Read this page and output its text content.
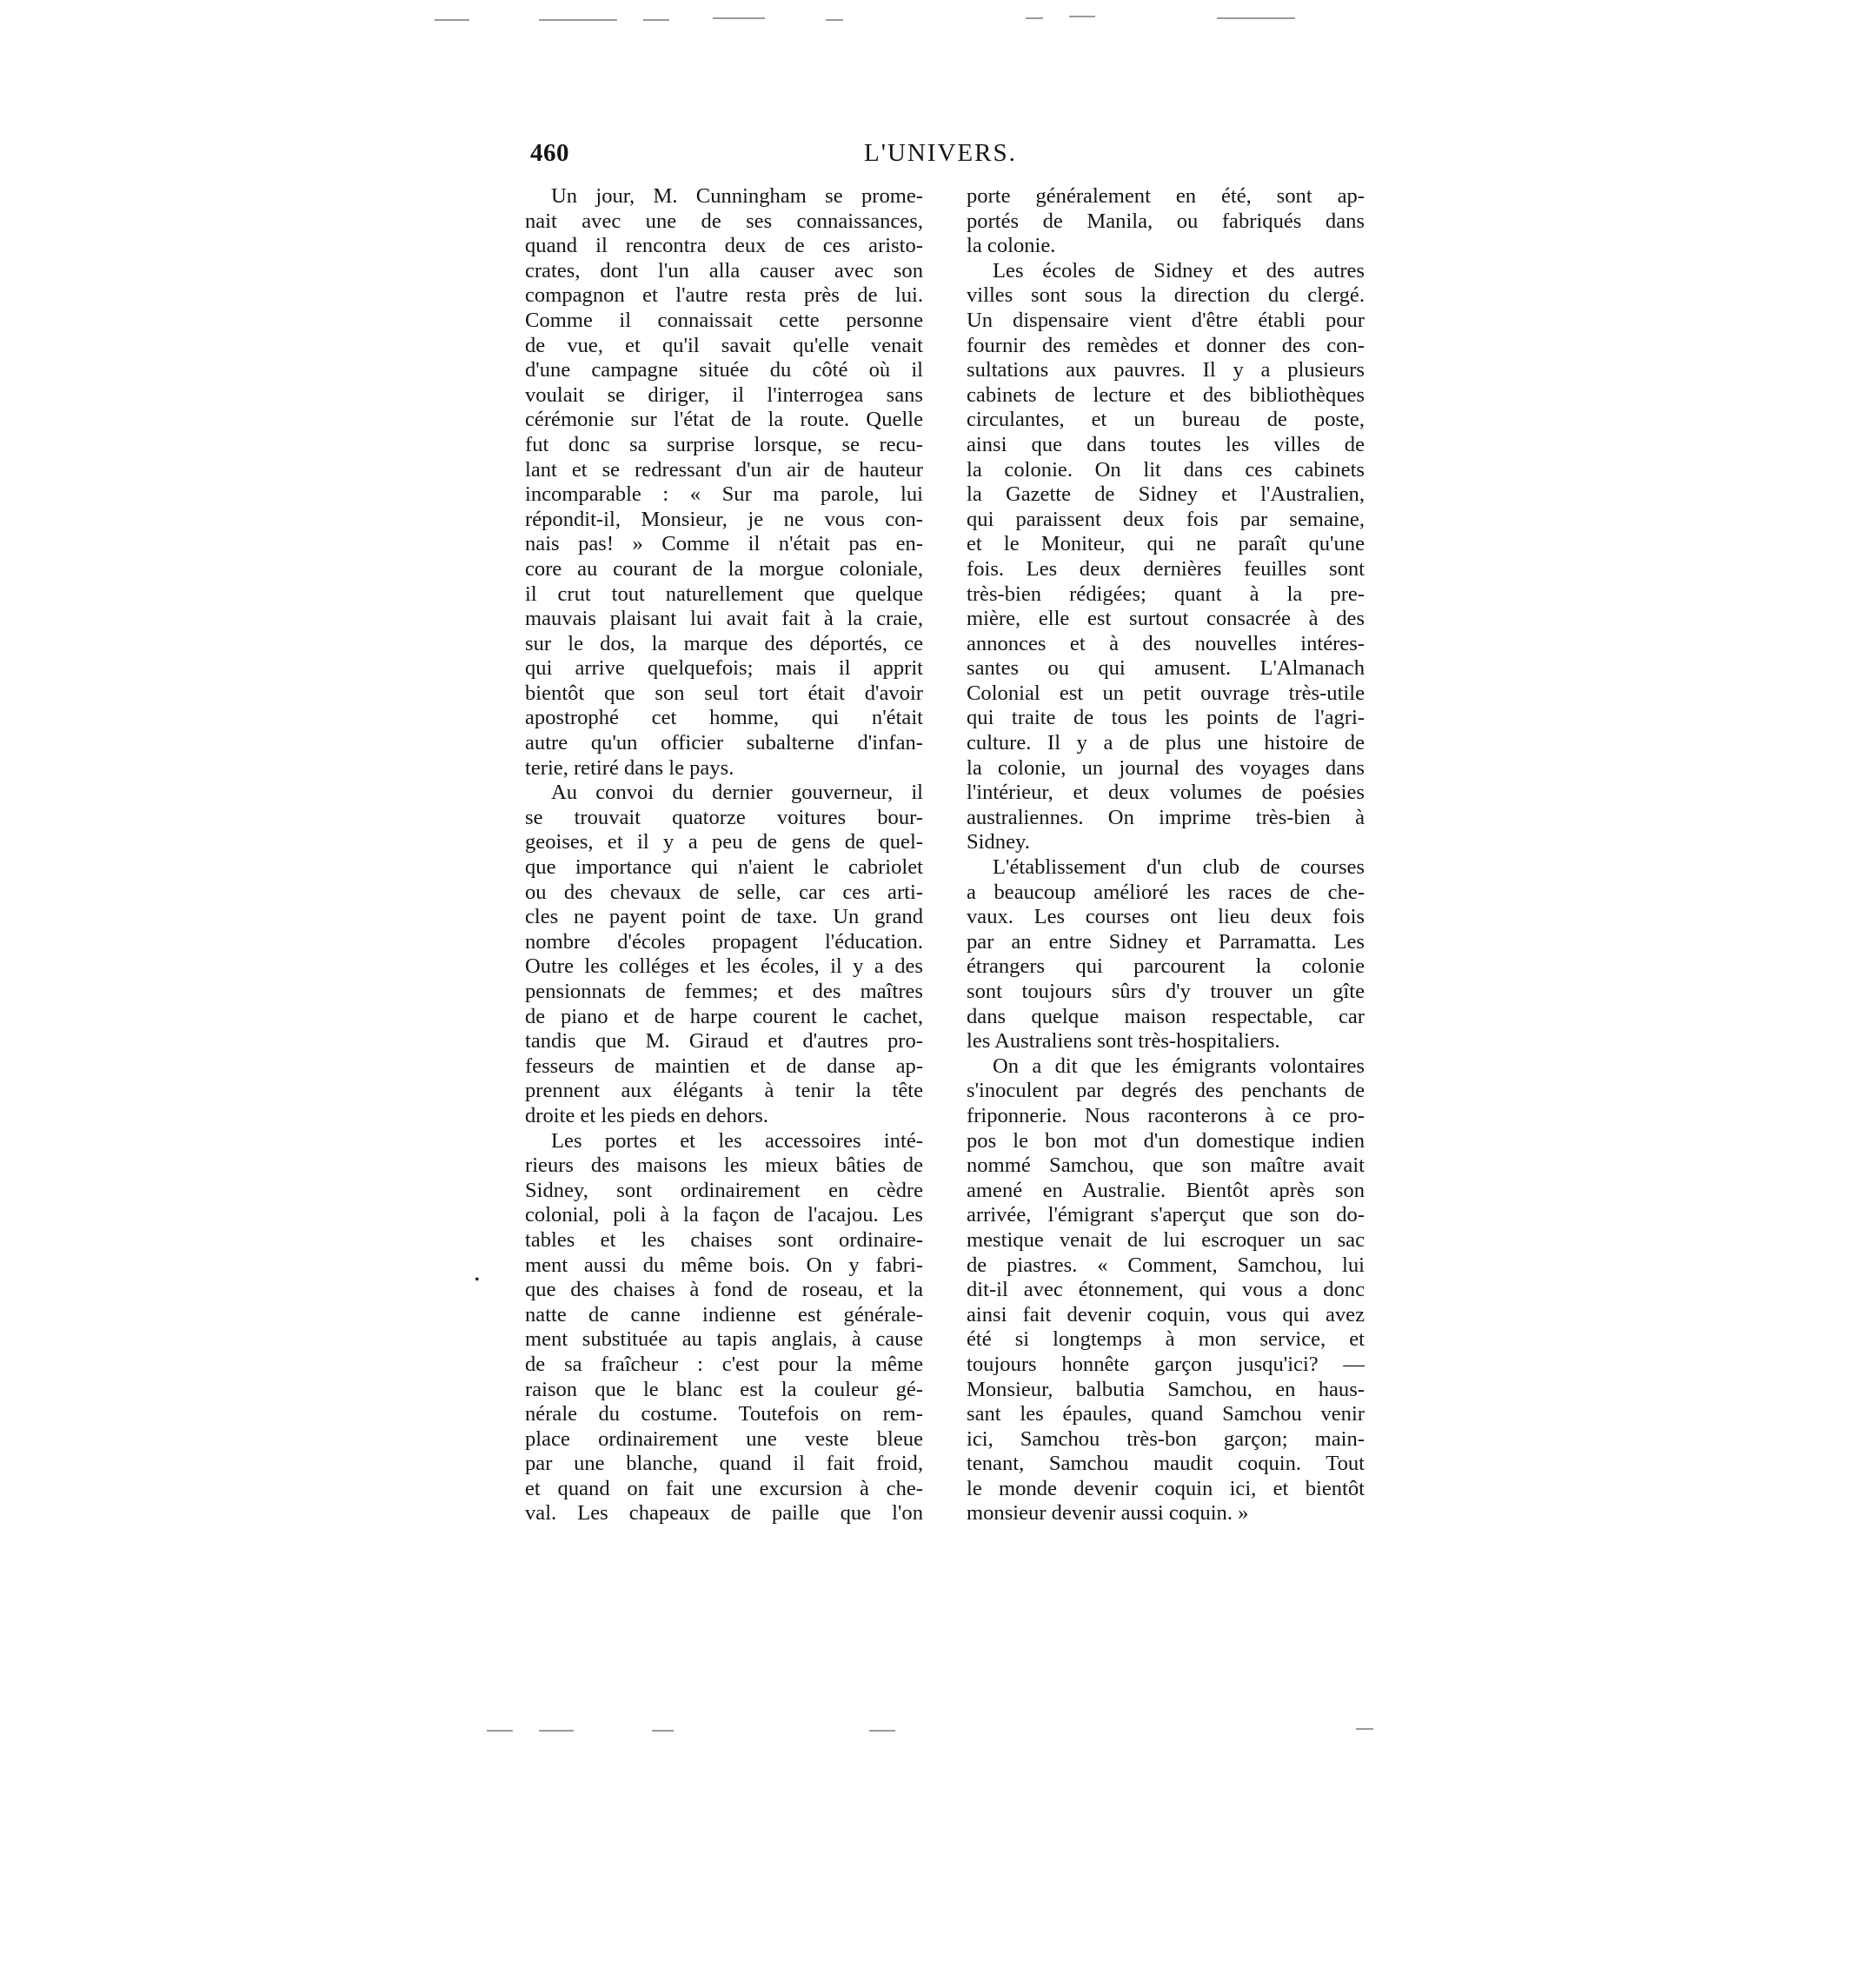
460	L'UNIVERS.
Un jour, M. Cunningham se prome-
nait avec une de ses connaissances,
quand il rencontra deux de ces aristo-
crates, dont l'un alla causer avec son
compagnon et l'autre resta près de lui.
Comme il connaissait cette personne
de vue, et qu'il savait qu'elle venait
d'une campagne située du côté où il
voulait se diriger, il l'interrogea sans
cérémonie sur l'état de la route. Quelle
fut donc sa surprise lorsque, se recu-
lant et se redressant d'un air de hauteur
incomparable : « Sur ma parole, lui
répondit-il, Monsieur, je ne vous con-
nais pas! » Comme il n'était pas en-
core au courant de la morgue coloniale,
il crut tout naturellement que quelque
mauvais plaisant lui avait fait à la craie,
sur le dos, la marque des déportés, ce
qui arrive quelquefois; mais il apprit
bientôt que son seul tort était d'avoir
apostrophé cet homme, qui n'était
autre qu'un officier subalterne d'infan-
terie, retiré dans le pays.
Au convoi du dernier gouverneur, il
se trouvait quatorze voitures bour-
geoises, et il y a peu de gens de quel-
que importance qui n'aient le cabriolet
ou des chevaux de selle, car ces arti-
cles ne payent point de taxe. Un grand
nombre d'écoles propagent l'éducation.
Outre les colléges et les écoles, il y a des
pensionnats de femmes; et des maîtres
de piano et de harpe courent le cachet,
tandis que M. Giraud et d'autres pro-
fesseurs de maintien et de danse ap-
prennent aux élégants à tenir la tête
droite et les pieds en dehors.
Les portes et les accessoires inté-
rieurs des maisons les mieux bâties de
Sidney, sont ordinairement en cèdre
colonial, poli à la façon de l'acajou. Les
tables et les chaises sont ordinaire-
ment aussi du même bois. On y fabri-
que des chaises à fond de roseau, et la
natte de canne indienne est générale-
ment substituée au tapis anglais, à cause
de sa fraîcheur : c'est pour la même
raison que le blanc est la couleur gé-
nérale du costume. Toutefois on rem-
place ordinairement une veste bleue
par une blanche, quand il fait froid,
et quand on fait une excursion à che-
val. Les chapeaux de paille que l'on
porte généralement en été, sont ap-
portés de Manila, ou fabriqués dans
la colonie.
Les écoles de Sidney et des autres
villes sont sous la direction du clergé.
Un dispensaire vient d'être établi pour
fournir des remèdes et donner des con-
sultations aux pauvres. Il y a plusieurs
cabinets de lecture et des bibliothèques
circulantes, et un bureau de poste,
ainsi que dans toutes les villes de
la colonie. On lit dans ces cabinets
la Gazette de Sidney et l'Australien,
qui paraissent deux fois par semaine,
et le Moniteur, qui ne paraît qu'une
fois. Les deux dernières feuilles sont
très-bien rédigées; quant à la pre-
mière, elle est surtout consacrée à des
annonces et à des nouvelles intéres-
santes ou qui amusent. L'Almanach
Colonial est un petit ouvrage très-utile
qui traite de tous les points de l'agri-
culture. Il y a de plus une histoire de
la colonie, un journal des voyages dans
l'intérieur, et deux volumes de poésies
australiennes. On imprime très-bien à
Sidney.
L'établissement d'un club de courses
a beaucoup amélioré les races de che-
vaux. Les courses ont lieu deux fois
par an entre Sidney et Parramatta. Les
étrangers qui parcourent la colonie
sont toujours sûrs d'y trouver un gîte
dans quelque maison respectable, car
les Australiens sont très-hospitaliers.
On a dit que les émigrants volontaires
s'inoculent par degrés des penchants de
friponnerie. Nous raconterons à ce pro-
pos le bon mot d'un domestique indien
nommé Samchou, que son maître avait
amené en Australie. Bientôt après son
arrivée, l'émigrant s'aperçut que son do-
mestique venait de lui escroquer un sac
de piastres. « Comment, Samchou, lui
dit-il avec étonnement, qui vous a donc
ainsi fait devenir coquin, vous qui avez
été si longtemps à mon service, et
toujours honnête garçon jusqu'ici? —
Monsieur, balbutia Samchou, en haus-
sant les épaules, quand Samchou venir
ici, Samchou très-bon garçon; main-
tenant, Samchou maudit coquin. Tout
le monde devenir coquin ici, et bientôt
monsieur devenir aussi coquin. »
•
